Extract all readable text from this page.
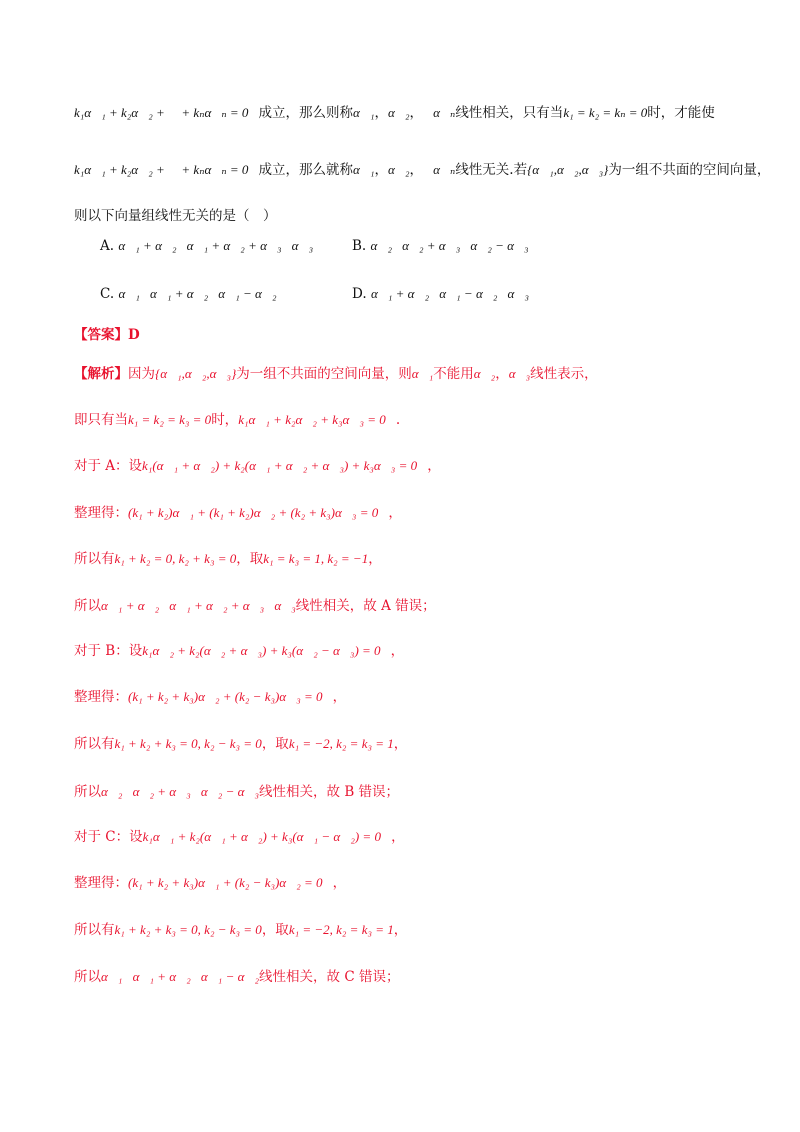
k₁α⃗₁ + k₂α⃗₂ + ⋯ + kₙα⃗ₙ = 0⃗成立，那么则称α⃗₁，α⃗₂，⋯α⃗ₙ线性相关，只有当k₁ = k₂ = kₙ = 0时，才能使
k₁α⃗₁ + k₂α⃗₂ + ⋯ + kₙα⃗ₙ = 0⃗成立，那么就称α⃗₁，α⃗₂，⋯α⃗ₙ线性无关.若{α⃗₁,α⃗₂,α⃗₃}为一组不共面的空间向量，
则以下向量组线性无关的是（　）
A. α⃗₁ + α⃗₂，α⃗₁ + α⃗₂ + α⃗₃，α⃗₃	B. α⃗₂，α⃗₂ + α⃗₃，α⃗₂ − α⃗₃
C. α⃗₁，α⃗₁ + α⃗₂，α⃗₁ − α⃗₂	D. α⃗₁ + α⃗₂，α⃗₁ − α⃗₂，α⃗₃
【答案】D
【解析】因为{α⃗₁,α⃗₂,α⃗₃}为一组不共面的空间向量，则α⃗₁不能用α⃗₂，α⃗₃线性表示，
即只有当k₁ = k₂ = k₃ = 0时，k₁α⃗₁ + k₂α⃗₂ + k₃α⃗₃ = 0⃗.
对于 A：设k₁(α⃗₁ + α⃗₂) + k₂(α⃗₁ + α⃗₂ + α⃗₃) + k₃α⃗₃ = 0⃗，
整理得：(k₁ + k₂)α⃗₁ + (k₁ + k₂)α⃗₂ + (k₂ + k₃)α⃗₃ = 0⃗，
所以有k₁ + k₂ = 0, k₂ + k₃ = 0，取k₁ = k₃ = 1, k₂ = −1，
所以α⃗₁ + α⃗₂，α⃗₁ + α⃗₂ + α⃗₃，α⃗₃线性相关，故 A 错误；
对于 B：设k₁α⃗₂ + k₂(α⃗₂ + α⃗₃) + k₃(α⃗₂ − α⃗₃) = 0⃗，
整理得：(k₁ + k₂ + k₃)α⃗₂ + (k₂ − k₃)α⃗₃ = 0⃗，
所以有k₁ + k₂ + k₃ = 0, k₂ − k₃ = 0，取k₁ = −2, k₂ = k₃ = 1，
所以α⃗₂，α⃗₂ + α⃗₃，α⃗₂ − α⃗₃线性相关，故 B 错误；
对于 C：设k₁α⃗₁ + k₂(α⃗₁ + α⃗₂) + k₃(α⃗₁ − α⃗₂) = 0⃗，
整理得：(k₁ + k₂ + k₃)α⃗₁ + (k₂ − k₃)α⃗₂ = 0⃗，
所以有k₁ + k₂ + k₃ = 0, k₂ − k₃ = 0，取k₁ = −2, k₂ = k₃ = 1，
所以α⃗₁，α⃗₁ + α⃗₂，α⃗₁ − α⃗₂线性相关，故 C 错误；
